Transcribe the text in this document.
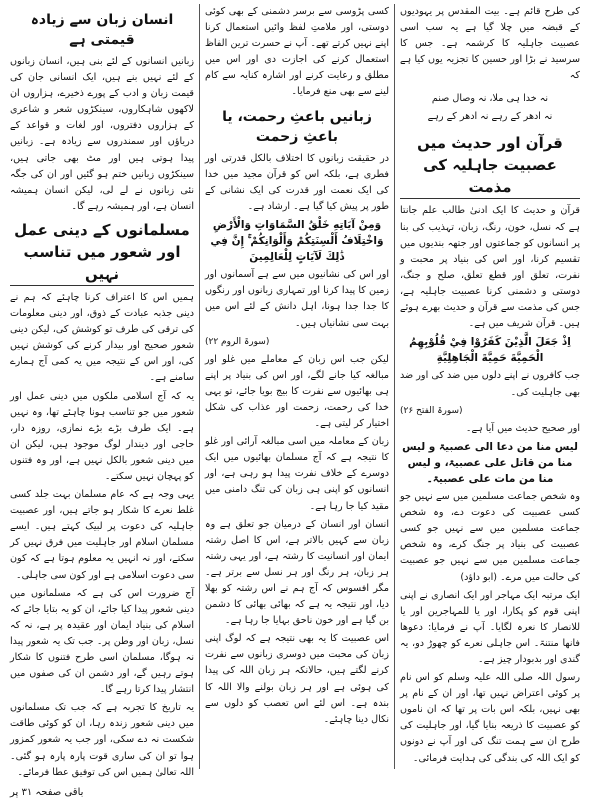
کی طرح قائم ہے۔ بیت المقدس پر یہودیوں کے قبضہ میں چلا گیا ہے یہ سب اسی عصبیت جاہلیہ کا کرشمہ ہے۔ جس کا سرسید نے بڑا اور حسین کا تجزیہ یوں کیا ہے کہ

نہ خدا ہی ملا، نہ وصال صنم
نہ ادھر کے رہے نہ ادھر کے رہے
قرآن اور حدیث میں عصبیت جاہلیہ کی مذمت

قرآن و حدیث کا ایک ادنیٰ طالب علم جانتا ہے کہ نسل، خون، رنگ، زبان، تہذیب کی بنا پر انسانوں کو جماعتوں اور جتھہ بندیوں میں تقسیم کرنا، اور اس کی بنیاد پر محبت و نفرت، تعلق اور قطع تعلق، صلح و جنگ، دوستی و دشمنی کرنا عصبیت جاہلیہ ہے، جس کی مذمت سے قرآن و حدیث بھرے ہوئے ہیں۔ قرآن شریف میں ہے۔

اِذْ جَعَلَ الَّذِيْنَ كَفَرُوْا فِيْ قُلُوْبِهِمُ الْحَمِيَّةَ حَمِيَّةَ الْجَاهِلِيَّةِ

جب کافروں نے اپنے دلوں میں ضد کی اور ضد بھی جاہلیت کی۔

(سورۃ الفتح ۲۶)

اور صحیح حدیث میں آیا ہے۔

لیس منا من دعا الی عصبیۃ و لیس منا من قاتل علی عصبیۃ، و لیس منا من مات علی عصبیۃ۔

وہ شخص جماعت مسلمین میں سے نہیں جو کسی عصبیت کی دعوت دے، وہ شخص جماعت مسلمین میں سے نہیں جو کسی عصبیت کی بنیاد پر جنگ کرے، وہ شخص جماعت مسلمین میں سے نہیں جو عصبیت کی حالت میں مرے۔ (ابو داؤد)

ایک مرتبہ ایک مہاجر اور ایک انصاری نے اپنی اپنی قوم کو پکارا، اور یا للمہاجرین اور یا للانصار کا نعرہ لگایا۔ آپ نے فرمایا: دعوھا فانھا منتنۃ۔ اس جاہلی نعرے کو چھوڑ دو، یہ گندی اور بدبودار چیز ہے۔

رسول اللہ صلی اللہ علیہ وسلم کو اس نام پر کوئی اعتراض نہیں تھا، اور ان کے نام پر بھی نہیں، بلکہ اس بات پر تھا کہ ان ناموں کو عصبیت کا ذریعہ بنایا گیا، اور جاہلیت کی طرح ان سے ہمت تنگ کی اور آپ نے دونوں کو ایک اللہ کی بندگی کی ہدایت فرمائی۔

کسی پڑوسی سے برسر دشمنی کے بھی کوئی دوستی، اور ملامتِ لفظ وائیں استعمال کرنا اپنے نہیں کرتے تھے۔ آپ نے حسرت ترین الفاظ استعمال کرنے کی اجازت دی اور اس میں مطلق و رعایت کرنے اور اشارہ کنایہ سے کام لینے سے بھی منع فرمایا۔

زبانیں باعثِ رحمت، یا باعثِ زحمت

در حقیقت زبانوں کا اختلاف بالکل قدرتی اور فطری ہے، بلکہ اس کو قرآن مجید میں خدا کی ایک نعمت اور قدرت کی ایک نشانی کے طور پر پیش کیا گیا ہے۔ ارشاد ہے۔

وَمِنْ آيَاتِهِ خَلْقُ السَّمَاوَاتِ وَالْأَرْضِ وَاخْتِلَافُ أَلْسِنَتِكُمْ وَأَلْوَانِكُمْ ۚ إِنَّ فِي ذَٰلِكَ لَآيَاتٍ لِلْعَالِمِينَ

اور اس کی نشانیوں میں سے ہے آسمانوں اور زمین کا پیدا کرنا اور تمہاری زبانوں اور رنگوں کا جدا جدا ہونا، اہل دانش کے لئے اس میں بہت سی نشانیاں ہیں۔

(سورۃ الروم ۲۲)

لیکن جب اس زبان کے معاملے میں غلو اور مبالغہ کیا جانے لگے، اور اس کی بنیاد پر اپنے ہی بھائیوں سے نفرت کا بیج بویا جائے، تو یہی خدا کی رحمت، زحمت اور عذاب کی شکل اختیار کر لیتی ہے۔

زبان کے معاملہ میں اسی مبالغہ آرائی اور غلو کا نتیجہ ہے کہ آج مسلمان بھائیوں میں ایک دوسرے کے خلاف نفرت پیدا ہو رہی ہے، اور انسانوں کو اپنی ہی زبان کی تنگ دامنی میں مقید کیا جا رہا ہے۔

انسان اور انسان کے درمیان جو تعلق ہے وہ زبان سے کہیں بالاتر ہے، اس کا اصل رشتہ ایمان اور انسانیت کا رشتہ ہے، اور یہی رشتہ ہر زبان، ہر رنگ اور ہر نسل سے برتر ہے۔ مگر افسوس کہ آج ہم نے اس رشتہ کو بھلا دیا، اور نتیجہ یہ ہے کہ بھائی بھائی کا دشمن بن گیا ہے اور خون ناحق بہایا جا رہا ہے۔

اس عصبیت کا یہ بھی نتیجہ ہے کہ لوگ اپنی زبان کی محبت میں دوسری زبانوں سے نفرت کرنے لگتے ہیں، حالانکہ ہر زبان اللہ کی پیدا کی ہوئی ہے اور ہر زبان بولنے والا اللہ کا بندہ ہے۔ اس لئے اس تعصب کو دلوں سے نکال دینا چاہئے۔

انسان زبان سے زیادہ قیمتی ہے

زبانیں انسانوں کے لئے بنی ہیں، انسان زبانوں کے لئے نہیں بنے ہیں، ایک انسانی جان کی قیمت زبان و ادب کے پورے ذخیرے، ہزاروں ان لاکھوں شاہکاروں، سینکڑوں شعر و شاعری کے ہزاروں دفتروں، اور لغات و قواعد کے دریاؤں اور سمندروں سے زیادہ ہے۔ زبانیں پیدا ہوتی ہیں اور مٹ بھی جاتی ہیں، سینکڑوں زبانیں ختم ہو گئیں اور ان کی جگہ نئی زبانوں نے لے لی، لیکن انسان ہمیشہ انسان ہے، اور ہمیشہ رہے گا۔

مسلمانوں کے دینی عمل اور شعور میں تناسب نہیں

ہمیں اس کا اعتراف کرنا چاہئے کہ ہم نے دینی جذبہ عبادت کے ذوق، اور دینی معلومات کی ترقی کی طرف تو کوشش کی، لیکن دینی شعور صحیح اور بیدار کرنے کی کوشش نہیں کی، اور اس کے نتیجہ میں یہ کمی آج ہمارے سامنے ہے۔

یہ کہ آج اسلامی ملکوں میں دینی عمل اور شعور میں جو تناسب ہونا چاہئے تھا، وہ نہیں ہے۔ ایک طرف بڑے بڑے نمازی، روزہ دار، حاجی اور دیندار لوگ موجود ہیں، لیکن ان میں دینی شعور بالکل نہیں ہے، اور وہ فتنوں کو پہچان نہیں سکتے۔

یہی وجہ ہے کہ عام مسلمان بہت جلد کسی غلط نعرے کا شکار ہو جاتے ہیں، اور عصبیت جاہلیہ کی دعوت پر لبیک کہتے ہیں۔ ایسے مسلمان اسلام اور جاہلیت میں فرق نہیں کر سکتے، اور نہ انہیں یہ معلوم ہوتا ہے کہ کون سی دعوت اسلامی ہے اور کون سی جاہلی۔

آج ضرورت اس کی ہے کہ مسلمانوں میں دینی شعور پیدا کیا جائے، ان کو یہ بتایا جائے کہ اسلام کی بنیاد ایمان اور عقیدہ پر ہے، نہ کہ نسل، زبان اور وطن پر۔ جب تک یہ شعور پیدا نہ ہوگا، مسلمان اسی طرح فتنوں کا شکار ہوتے رہیں گے، اور دشمن ان کی صفوں میں انتشار پیدا کرتا رہے گا۔

یہ تاریخ کا تجربہ ہے کہ جب تک مسلمانوں میں دینی شعور زندہ رہا، ان کو کوئی طاقت شکست نہ دے سکی، اور جب یہ شعور کمزور ہوا تو ان کی ساری قوت پارہ پارہ ہو گئی۔ اللہ تعالیٰ ہمیں اس کی توفیق عطا فرمائے۔

باقی صفحہ ۳۱ پر
